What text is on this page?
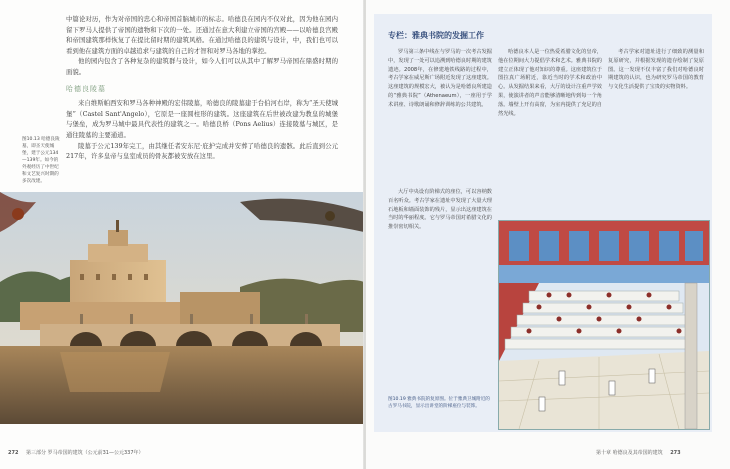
中篇论对历，作为对帝国的忠心和帝国首脑城市的标志。哈德良在园内不仅对此，因为他在园内留下罗马人提供了帝国的遗物和下次的一处。还通过在意大利建立帝国的宫殿——以哈德良宫殿和帝国建筑那样恢复了在提比留时期的建筑风格。在通过哈德良的建筑与设计，中，我们也可以看到他在建筑方面的卓越追求与建筑的自己的才智和对罗马各地的掌控。

他的园内包含了各种复杂的建筑群与设计，如今人们可以从其中了解罗马帝国在鼎盛时期的面貌。

哈德良陵墓

来自维斯帕西安和罗马各种神殿的宏伟陵墓，哈德良的陵墓建于台伯河右岸，称为“圣天使城堡”（Castel Sant'Angelo），它原是一座圆柱形的建筑。这座建筑在后世被改建为教皇的城堡与堡垒，成为罗马城中最具代表性的建筑之一。哈德良桥（Pons Aelius）连接陵墓与城区，是通往陵墓的主要通道。

陵墓于公元139年完工，由其继任者安东尼·庇护完成并安葬了哈德良的遗骸。此后直到公元217年，许多皇帝与皇室成员的骨灰都被安放在这里。

图10.13 哈德良陵墓，即圣天使城堡，建于公元134—139年。如今的外观经历了中世纪和文艺复兴时期的多次改建。
272 第三部分 罗马帝国的建筑（公元前31—公元337年）
专栏：雅典书院的发掘工作

罗马第三条中线在与罗马的一次考古发掘中，发现了一处可以追溯到哈德良时期的建筑遗迹。2008年，在修建地铁线路的过程中，考古学家在威尼斯广场附近发现了这座建筑。这座建筑的规模宏大，被认为是哈德良所建造的“雅典书院”（Athenaeum），一座用于学术讲座、诗歌朗诵和修辞训练的公共建筑。

大厅中央设有阶梯式的座位，可以容纳数百名听众。考古学家在遗址中发现了大量大理石地板和墙面装饰的残片，显示出这座建筑在当时的华丽程度。它与罗马帝国对希腊文化的推崇密切相关。

哈德良本人是一位热爱希腊文化的皇帝，他在位期间大力提倡学术和艺术。雅典书院的建立正体现了他对知识的尊重。这座建筑位于图拉真广场附近，靠近当时的学术和政治中心。从发掘结果来看，大厅的设计注重声学效果，使演讲者的声音能够清晰地传到每一个角落。墙壁上开有高窗，为室内提供了充足的自然光线。

考古学家对遗址进行了细致的测量和复原研究，并根据发现的遗存绘制了复原图。这一发现不仅丰富了我们对哈德良时期建筑的认识，也为研究罗马帝国的教育与文化生活提供了宝贵的实物资料。

图10.19 雅典书院的复原图。位于雅典卫城附近的古罗马书院，显示出讲堂的阶梯座位与装饰。
第十章 哈德良及其帝国的建筑 273
